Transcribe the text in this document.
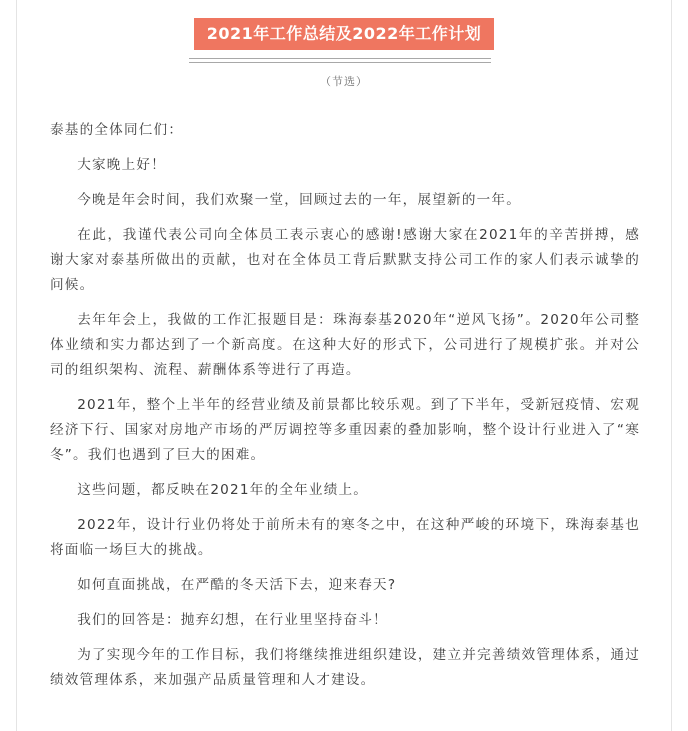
2021年工作总结及2022年工作计划
（节选）

泰基的全体同仁们：

大家晚上好！

今晚是年会时间，我们欢聚一堂，回顾过去的一年，展望新的一年。

在此，我谨代表公司向全体员工表示衷心的感谢!感谢大家在2021年的辛苦拼搏，感谢大家对泰基所做出的贡献，也对在全体员工背后默默支持公司工作的家人们表示诚挚的问候。

去年年会上，我做的工作汇报题目是：珠海泰基2020年“逆风飞扬”。2020年公司整体业绩和实力都达到了一个新高度。在这种大好的形式下，公司进行了规模扩张。并对公司的组织架构、流程、薪酬体系等进行了再造。

2021年，整个上半年的经营业绩及前景都比较乐观。到了下半年，受新冠疫情、宏观经济下行、国家对房地产市场的严厉调控等多重因素的叠加影响，整个设计行业进入了“寒冬”。我们也遇到了巨大的困难。

这些问题，都反映在2021年的全年业绩上。

2022年，设计行业仍将处于前所未有的寒冬之中，在这种严峻的环境下，珠海泰基也将面临一场巨大的挑战。

如何直面挑战，在严酷的冬天活下去，迎来春天?

我们的回答是：抛弃幻想，在行业里坚持奋斗！

为了实现今年的工作目标，我们将继续推进组织建设，建立并完善绩效管理体系，通过绩效管理体系，来加强产品质量管理和人才建设。
